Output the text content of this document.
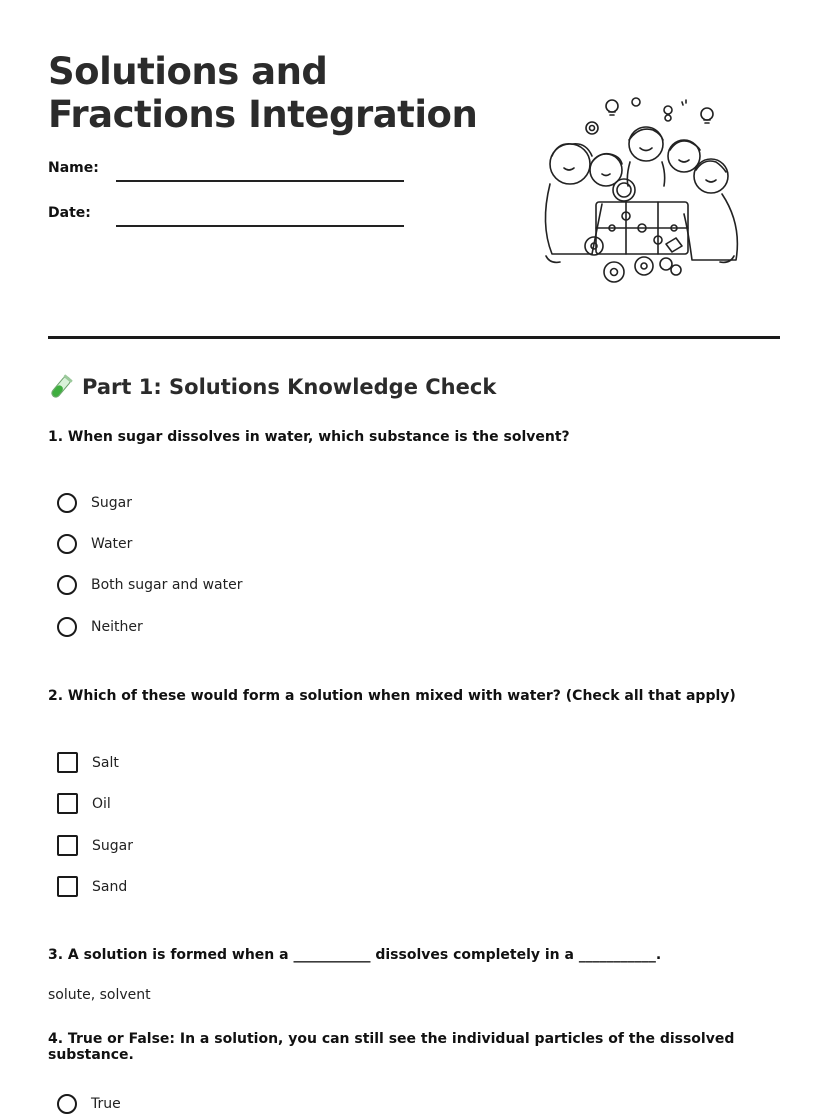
Solutions and Fractions Integration
Name:
Date:
Part 1: Solutions Knowledge Check
1. When sugar dissolves in water, which substance is the solvent?
Sugar
Water
Both sugar and water
Neither
2. Which of these would form a solution when mixed with water? (Check all that apply)
Salt
Oil
Sugar
Sand
3. A solution is formed when a ___________ dissolves completely in a ___________.
solute, solvent
4. True or False: In a solution, you can still see the individual particles of the dissolved substance.
True
